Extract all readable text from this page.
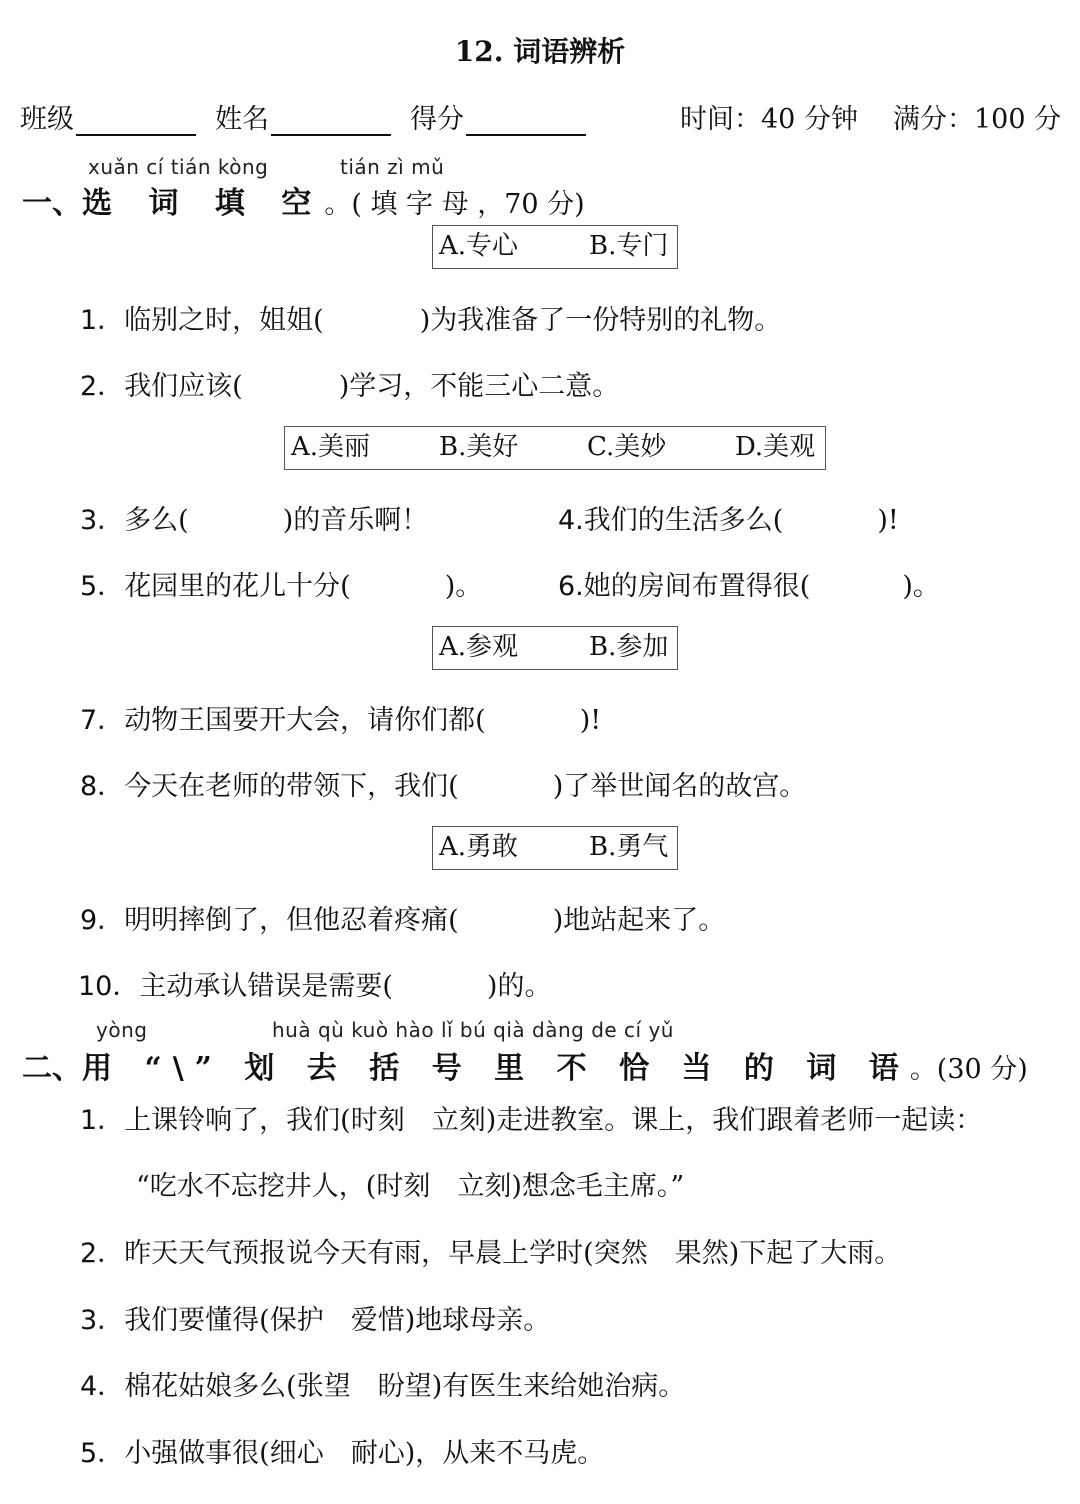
12. 词语辨析
班级	姓名	得分	时间：40 分钟 满分：100 分
xuǎn cí tián kòng	tián zì mǔ
一、选 词 填 空。( 填 字 母 ，70 分)
A.专心	B.专门
1．临别之时，姐姐(	)为我准备了一份特别的礼物。
2．我们应该(	)学习，不能三心二意。
A.美丽	B.美好	C.美妙	D.美观
3．多么(	)的音乐啊！	4.我们的生活多么(	)!
5．花园里的花儿十分(	)。	6.她的房间布置得很(	)。
A.参观	B.参加
7．动物王国要开大会，请你们都(	)!
8．今天在老师的带领下，我们(	)了举世闻名的故宫。
A.勇敢	B.勇气
9．明明摔倒了，但他忍着疼痛(	)地站起来了。
10．主动承认错误是需要(	)的。
yòng	huà qù kuò hào lǐ bú qià dàng de cí yǔ
二、用 “\” 划 去 括 号 里 不 恰 当 的 词 语。(30 分)
1．上课铃响了，我们(时刻　立刻)走进教室。课上，我们跟着老师一起读：
“吃水不忘挖井人，(时刻　立刻)想念毛主席。”
2．昨天天气预报说今天有雨，早晨上学时(突然　果然)下起了大雨。
3．我们要懂得(保护　爱惜)地球母亲。
4．棉花姑娘多么(张望　盼望)有医生来给她治病。
5．小强做事很(细心　耐心)，从来不马虎。
